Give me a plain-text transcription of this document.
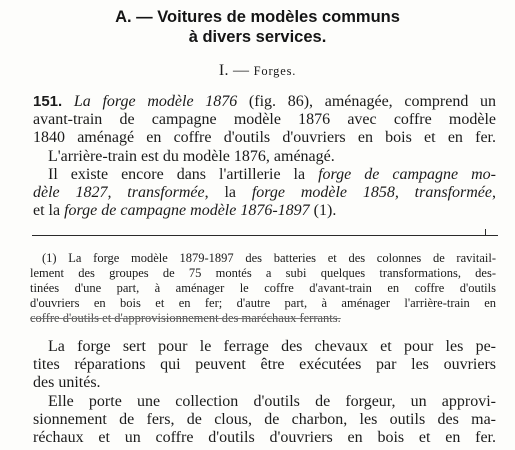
A. — Voitures de modèles communs
à divers services.
I. — Forges.
151. La forge modèle 1876 (fig. 86), aménagée, comprend un
avant-train de campagne modèle 1876 avec coffre modèle
1840 aménagé en coffre d'outils d'ouvriers en bois et en fer.
L'arrière-train est du modèle 1876, aménagé.
Il existe encore dans l'artillerie la forge de campagne mo-
dèle 1827, transformée, la forge modèle 1858, transformée,
et la forge de campagne modèle 1876-1897 (1).
(1) La forge modèle 1879-1897 des batteries et des colonnes de ravitail-
lement des groupes de 75 montés a subi quelques transformations, des-
tinées d'une part, à aménager le coffre d'avant-train en coffre d'outils
d'ouvriers en bois et en fer; d'autre part, à aménager l'arrière-train en
coffre d'outils et d'approvisionnement des maréchaux ferrants.
La forge sert pour le ferrage des chevaux et pour les pe-
tites réparations qui peuvent être exécutées par les ouvriers
des unités.
Elle porte une collection d'outils de forgeur, un approvi-
sionnement de fers, de clous, de charbon, les outils des ma-
réchaux et un coffre d'outils d'ouvriers en bois et en fer.
